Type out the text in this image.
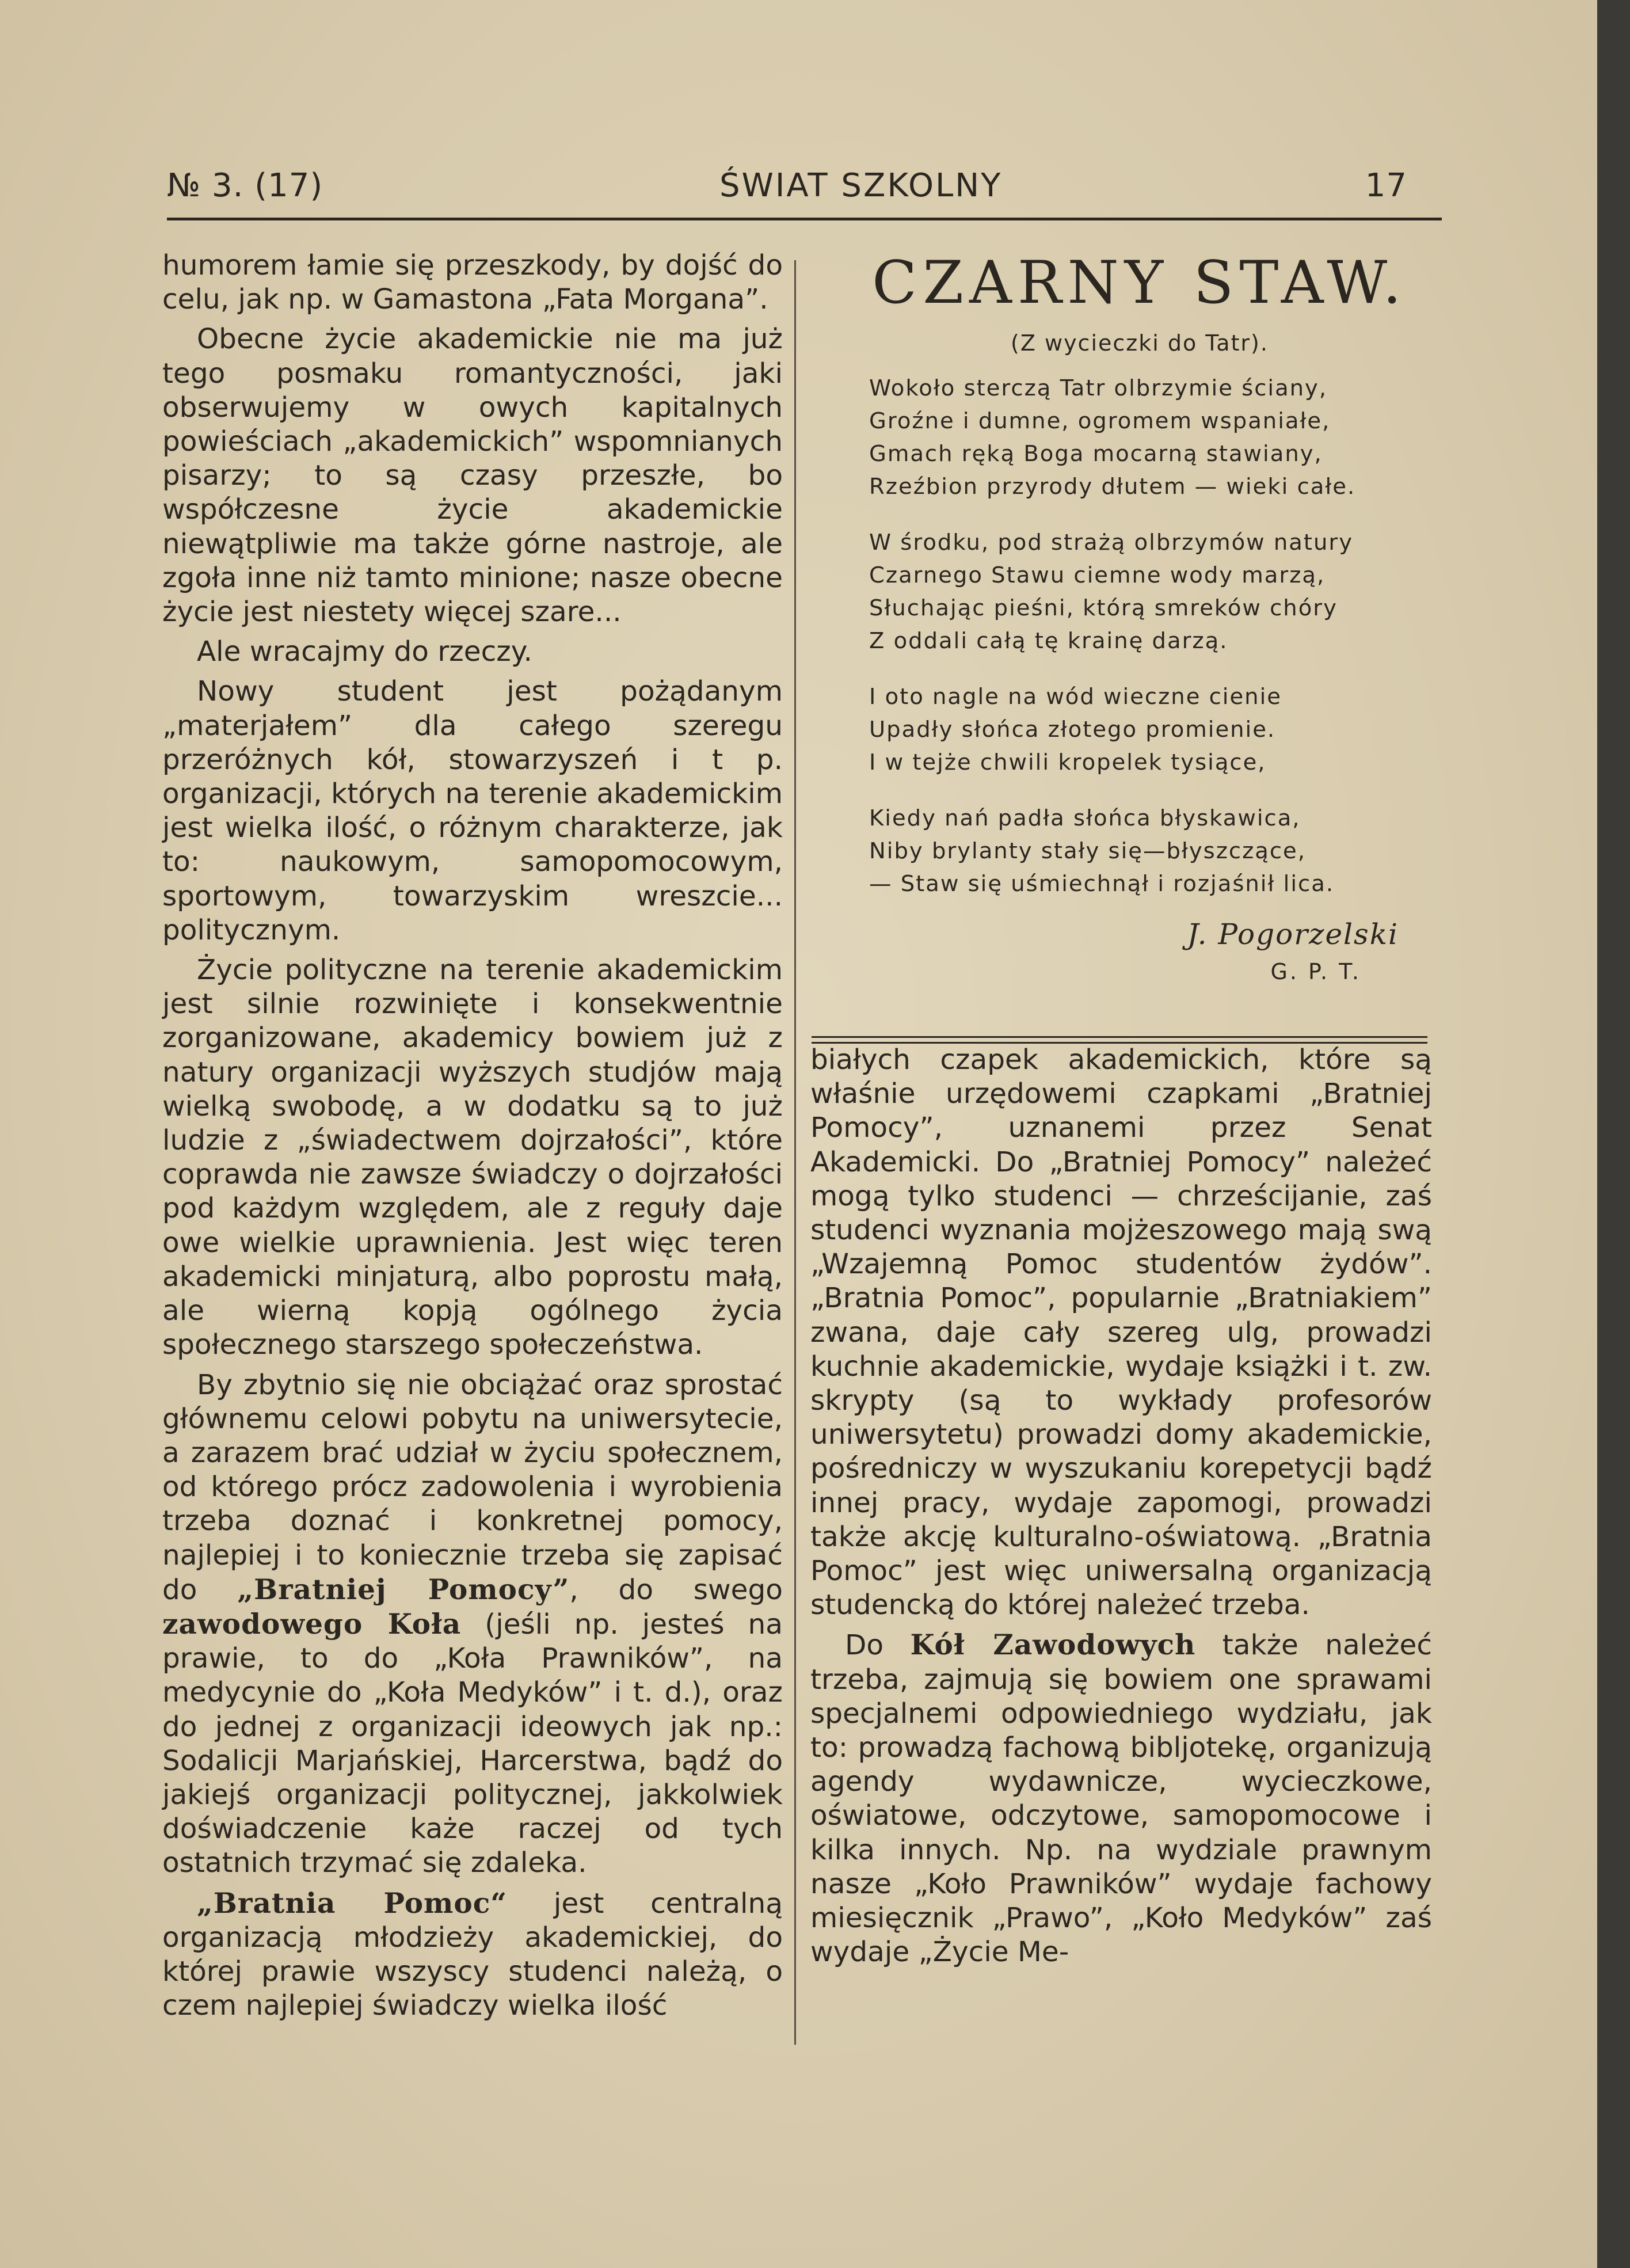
№ 3. (17)	ŚWIAT SZKOLNY	17

humorem łamie się przeszkody, by dojść do celu, jak np. w Gamastona „Fata Morgana”.

Obecne życie akademickie nie ma już tego posmaku romantyczności, jaki obserwujemy w owych kapitalnych powieściach „akademickich” wspomnianych pisarzy; to są czasy przeszłe, bo współczesne życie akademickie niewątpliwie ma także górne nastroje, ale zgoła inne niż tamto minione; nasze obecne życie jest niestety więcej szare...

Ale wracajmy do rzeczy.

Nowy student jest pożądanym „materjałem” dla całego szeregu przeróżnych kół, stowarzyszeń i t p. organizacji, których na terenie akademickim jest wielka ilość, o różnym charakterze, jak to: naukowym, samopomocowym, sportowym, towarzyskim wreszcie... politycznym.

Życie polityczne na terenie akademickim jest silnie rozwinięte i konsekwentnie zorganizowane, akademicy bowiem już z natury organizacji wyższych studjów mają wielką swobodę, a w dodatku są to już ludzie z „świadectwem dojrzałości”, które coprawda nie zawsze świadczy o dojrzałości pod każdym względem, ale z reguły daje owe wielkie uprawnienia. Jest więc teren akademicki minjaturą, albo poprostu małą, ale wierną kopją ogólnego życia społecznego starszego społeczeństwa.

By zbytnio się nie obciążać oraz sprostać głównemu celowi pobytu na uniwersytecie, a zarazem brać udział w życiu społecznem, od którego prócz zadowolenia i wyrobienia trzeba doznać i konkretnej pomocy, najlepiej i to koniecznie trzeba się zapisać do „Bratniej Pomocy”, do swego zawodowego Koła (jeśli np. jesteś na prawie, to do „Koła Prawników”, na medycynie do „Koła Medyków” i t. d.), oraz do jednej z organizacji ideowych jak np.: Sodalicji Marjańskiej, Harcerstwa, bądź do jakiejś organizacji politycznej, jakkolwiek doświadczenie każe raczej od tych ostatnich trzymać się zdaleka.

„Bratnia Pomoc“ jest centralną organizacją młodzieży akademickiej, do której prawie wszyscy studenci należą, o czem najlepiej świadczy wielka ilość

CZARNY STAW.

(Z wycieczki do Tatr).
Wokoło sterczą Tatr olbrzymie ściany,
Groźne i dumne, ogromem wspaniałe,
Gmach ręką Boga mocarną stawiany,
Rzeźbion przyrody dłutem — wieki całe.
W środku, pod strażą olbrzymów natury
Czarnego Stawu ciemne wody marzą,
Słuchając pieśni, którą smreków chóry
Z oddali całą tę krainę darzą.
I oto nagle na wód wieczne cienie
Upadły słońca złotego promienie.
I w tejże chwili kropelek tysiące,
Kiedy nań padła słońca błyskawica,
Niby brylanty stały się—błyszczące,
— Staw się uśmiechnął i rozjaśnił lica.
J. Pogorzelski
G. P. T.

białych czapek akademickich, które są właśnie urzędowemi czapkami „Bratniej Pomocy”, uznanemi przez Senat Akademicki. Do „Bratniej Pomocy” należeć mogą tylko studenci — chrześcijanie, zaś studenci wyznania mojżeszowego mają swą „Wzajemną Pomoc studentów żydów”. „Bratnia Pomoc”, popularnie „Bratniakiem” zwana, daje cały szereg ulg, prowadzi kuchnie akademickie, wydaje książki i t. zw. skrypty (są to wykłady profesorów uniwersytetu) prowadzi domy akademickie, pośredniczy w wyszukaniu korepetycji bądź innej pracy, wydaje zapomogi, prowadzi także akcję kulturalno-oświatową. „Bratnia Pomoc” jest więc uniwersalną organizacją studencką do której należeć trzeba.

Do Kół Zawodowych także należeć trzeba, zajmują się bowiem one sprawami specjalnemi odpowiedniego wydziału, jak to: prowadzą fachową bibljotekę, organizują agendy wydawnicze, wycieczkowe, oświatowe, odczytowe, samopomocowe i kilka innych. Np. na wydziale prawnym nasze „Koło Prawników” wydaje fachowy miesięcznik „Prawo”, „Koło Medyków” zaś wydaje „Życie Me-
